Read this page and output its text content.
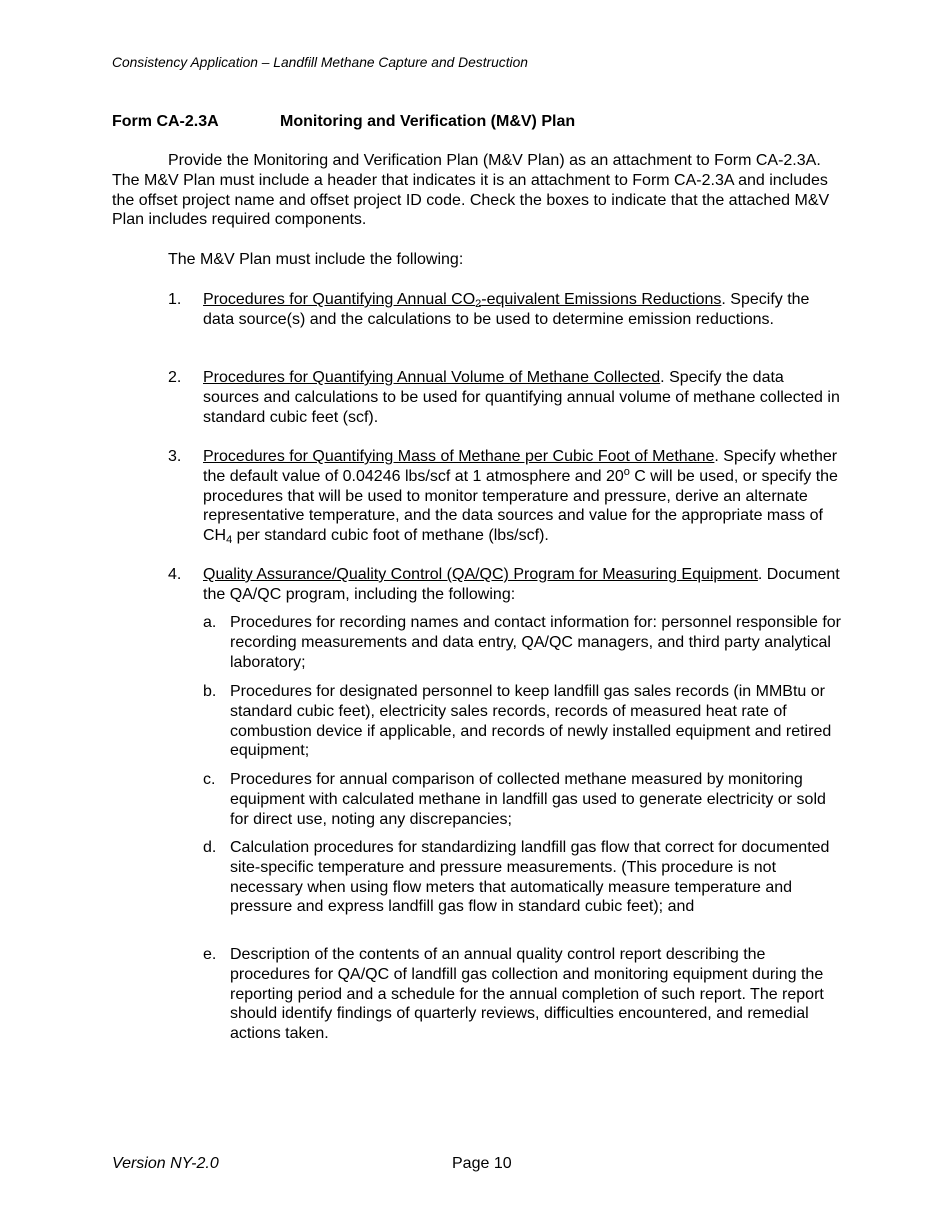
Consistency Application – Landfill Methane Capture and Destruction
Form CA-2.3A	Monitoring and Verification (M&V) Plan
Provide the Monitoring and Verification Plan (M&V Plan) as an attachment to Form CA-2.3A. The M&V Plan must include a header that indicates it is an attachment to Form CA-2.3A and includes the offset project name and offset project ID code. Check the boxes to indicate that the attached M&V Plan includes required components.
The M&V Plan must include the following:
1. Procedures for Quantifying Annual $CO_2$-equivalent Emissions Reductions. Specify the data source(s) and the calculations to be used to determine emission reductions.
2. Procedures for Quantifying Annual Volume of Methane Collected. Specify the data sources and calculations to be used for quantifying annual volume of methane collected in standard cubic feet (scf).
3. Procedures for Quantifying Mass of Methane per Cubic Foot of Methane. Specify whether the default value of 0.04246 lbs/scf at 1 atmosphere and 20$^o$ C will be used, or specify the procedures that will be used to monitor temperature and pressure, derive an alternate representative temperature, and the data sources and value for the appropriate mass of $CH_4$ per standard cubic foot of methane (lbs/scf).
4. Quality Assurance/Quality Control (QA/QC) Program for Measuring Equipment. Document the QA/QC program, including the following:
a. Procedures for recording names and contact information for: personnel responsible for recording measurements and data entry, QA/QC managers, and third party analytical laboratory;
b. Procedures for designated personnel to keep landfill gas sales records (in MMBtu or standard cubic feet), electricity sales records, records of measured heat rate of combustion device if applicable, and records of newly installed equipment and retired equipment;
c. Procedures for annual comparison of collected methane measured by monitoring equipment with calculated methane in landfill gas used to generate electricity or sold for direct use, noting any discrepancies;
d. Calculation procedures for standardizing landfill gas flow that correct for documented site-specific temperature and pressure measurements. (This procedure is not necessary when using flow meters that automatically measure temperature and pressure and express landfill gas flow in standard cubic feet); and
e. Description of the contents of an annual quality control report describing the procedures for QA/QC of landfill gas collection and monitoring equipment during the reporting period and a schedule for the annual completion of such report. The report should identify findings of quarterly reviews, difficulties encountered, and remedial actions taken.
Version NY-2.0	Page 10
